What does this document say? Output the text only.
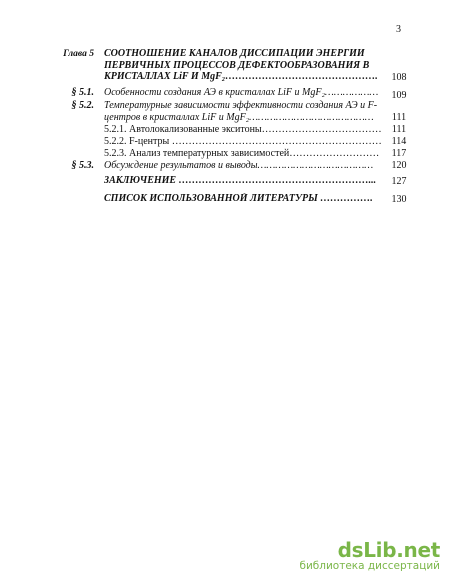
3
Глава 5 СООТНОШЕНИЕ КАНАЛОВ ДИССИПАЦИИ ЭНЕРГИИ
ПЕРВИЧНЫХ ПРОЦЕССОВ ДЕФЕКТООБРАЗОВАНИЯ В
КРИСТАЛЛАХ LiF И MgF₂……………………………………….	108
§ 5.1. Особенности создания АЭ в кристаллах LiF и MgF₂………………	109
§ 5.2. Температурные зависимости эффективности создания АЭ и F-
центров в кристаллах LiF и MgF₂……………………………………	111
5.2.1. Автолокализованные экситоны………………………………	111
5.2.2. F-центры ……………………………………………………… 114
5.2.3. Анализ температурных зависимостей………………………	117
§ 5.3. Обсуждение результатов и выводы…………………………………	120
ЗАКЛЮЧЕНИЕ …………………………………………………...	127
СПИСОК ИСПОЛЬЗОВАННОЙ ЛИТЕРАТУРЫ …………….	130
dsLib.net
библиотека диссертаций
